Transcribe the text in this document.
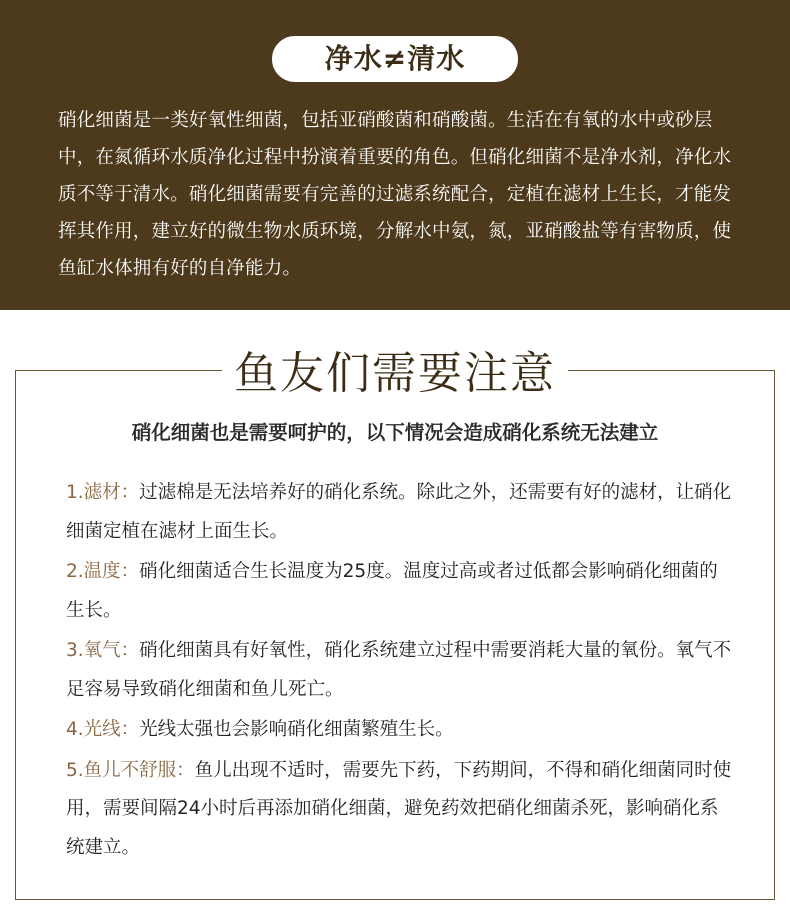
净水≠清水

硝化细菌是一类好氧性细菌，包括亚硝酸菌和硝酸菌。生活在有氧的水中或砂层中，在氮循环水质净化过程中扮演着重要的角色。但硝化细菌不是净水剂，净化水质不等于清水。硝化细菌需要有完善的过滤系统配合，定植在滤材上生长，才能发挥其作用，建立好的微生物水质环境，分解水中氨，氮，亚硝酸盐等有害物质，使鱼缸水体拥有好的自净能力。

鱼友们需要注意

硝化细菌也是需要呵护的，以下情况会造成硝化系统无法建立

1.滤材：过滤棉是无法培养好的硝化系统。除此之外，还需要有好的滤材，让硝化细菌定植在滤材上面生长。
2.温度：硝化细菌适合生长温度为25度。温度过高或者过低都会影响硝化细菌的生长。
3.氧气：硝化细菌具有好氧性，硝化系统建立过程中需要消耗大量的氧份。氧气不足容易导致硝化细菌和鱼儿死亡。
4.光线：光线太强也会影响硝化细菌繁殖生长。
5.鱼儿不舒服：鱼儿出现不适时，需要先下药，下药期间，不得和硝化细菌同时使用，需要间隔24小时后再添加硝化细菌，避免药效把硝化细菌杀死，影响硝化系统建立。
